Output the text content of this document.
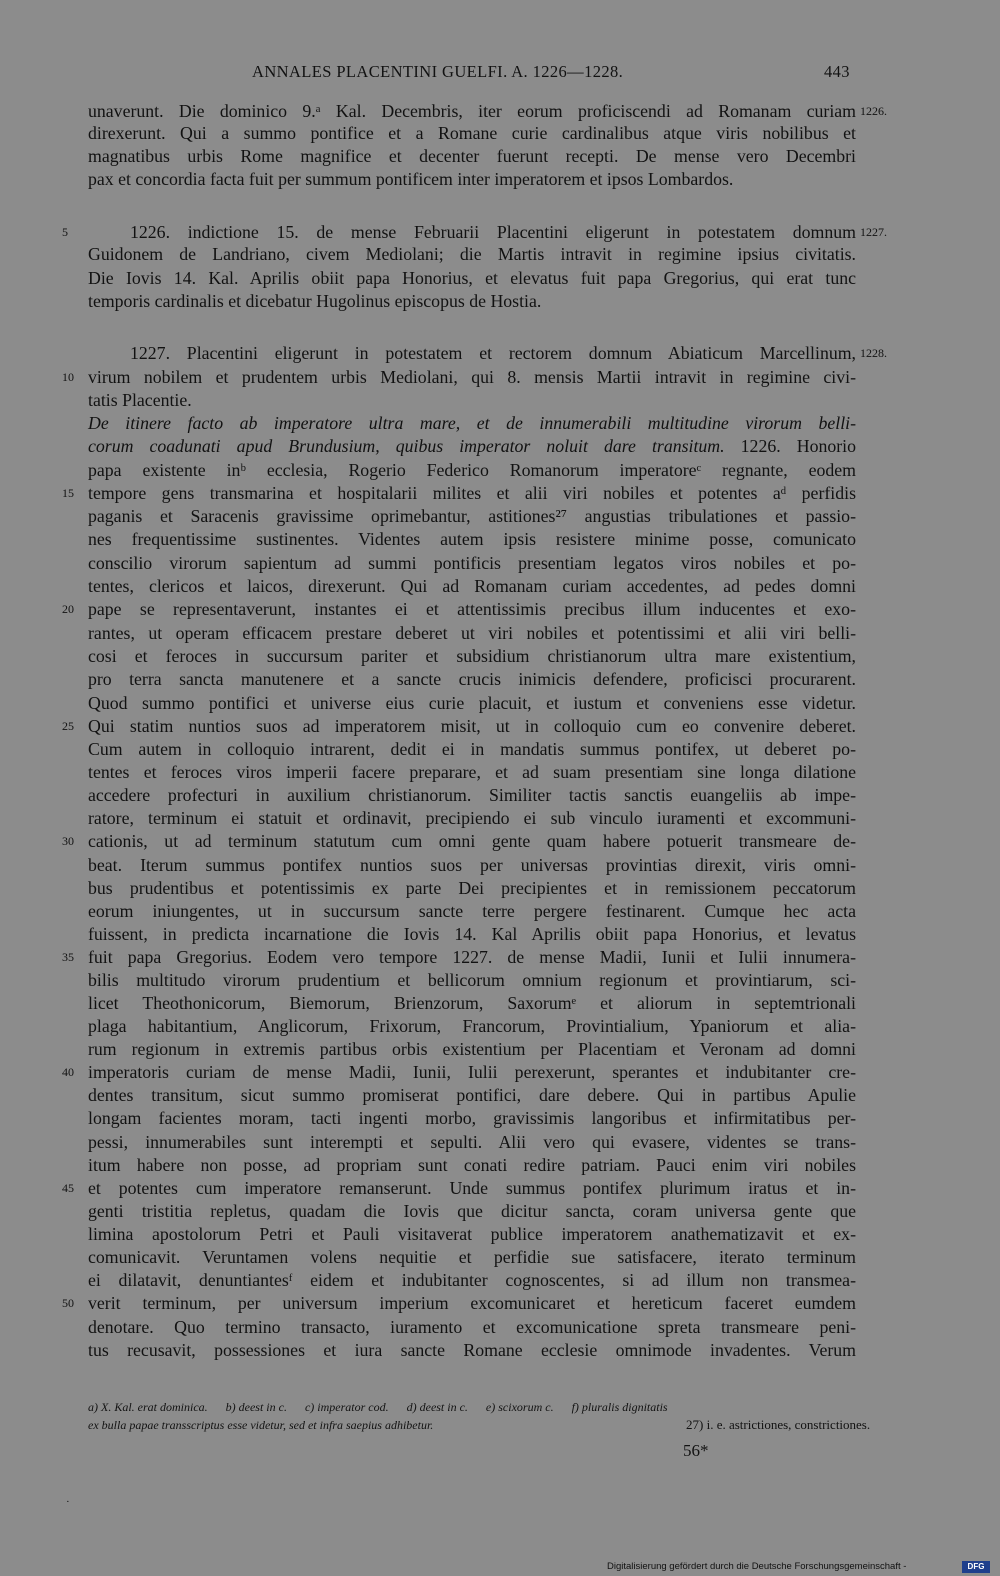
ANNALES PLACENTINI GUELFI. A. 1226—1228.	443
unaverunt. Die dominico 9.ᵃ Kal. Decembris, iter eorum proficiscendi ad Romanam curiam 1226.
direxerunt. Qui a summo pontifice et a Romane curie cardinalibus atque viris nobilibus et
magnatibus urbis Rome magnifice et decenter fuerunt recepti. De mense vero Decembri
pax et concordia facta fuit per summum pontificem inter imperatorem et ipsos Lombardos.
1226. indictione 15. de mense Februarii Placentini eligerunt in potestatem domnum
5	1227.
Guidonem de Landriano, civem Mediolani; die Martis intravit in regimine ipsius civitatis.
Die Iovis 14. Kal. Aprilis obiit papa Honorius, et elevatus fuit papa Gregorius, qui erat tunc
temporis cardinalis et dicebatur Hugolinus episcopus de Hostia.
1227. Placentini eligerunt in potestatem et rectorem domnum Abiaticum Marcellinum, 1228.
virum nobilem et prudentem urbis Mediolani, qui 8. mensis Martii intravit in regimine civi-
10
tatis Placentie.
De itinere facto ab imperatore ultra mare, et de innumerabili multitudine virorum belli-
corum coadunati apud Brundusium, quibus imperator noluit dare transitum. 1226. Honorio
papa existente inᵇ ecclesia, Rogerio Federico Romanorum imperatoreᶜ regnante, eodem
tempore gens transmarina et hospitalarii milites et alii viri nobiles et potentes aᵈ perfidis
15
paganis et Saracenis gravissime oprimebantur, astitiones²⁷ angustias tribulationes et passio-
nes frequentissime sustinentes. Videntes autem ipsis resistere minime posse, comunicato
conscilio virorum sapientum ad summi pontificis presentiam legatos viros nobiles et po-
tentes, clericos et laicos, direxerunt. Qui ad Romanam curiam accedentes, ad pedes domni
pape se representaverunt, instantes ei et attentissimis precibus illum inducentes et exo-
20
rantes, ut operam efficacem prestare deberet ut viri nobiles et potentissimi et alii viri belli-
cosi et feroces in succursum pariter et subsidium christianorum ultra mare existentium,
pro terra sancta manutenere et a sancte crucis inimicis defendere, proficisci procurarent.
Quod summo pontifici et universe eius curie placuit, et iustum et conveniens esse videtur.
Qui statim nuntios suos ad imperatorem misit, ut in colloquio cum eo convenire deberet.
25
Cum autem in colloquio intrarent, dedit ei in mandatis summus pontifex, ut deberet po-
tentes et feroces viros imperii facere preparare, et ad suam presentiam sine longa dilatione
accedere profecturi in auxilium christianorum. Similiter tactis sanctis euangeliis ab impe-
ratore, terminum ei statuit et ordinavit, precipiendo ei sub vinculo iuramenti et excommuni-
cationis, ut ad terminum statutum cum omni gente quam habere potuerit transmeare de-
30
beat. Iterum summus pontifex nuntios suos per universas provintias direxit, viris omni-
bus prudentibus et potentissimis ex parte Dei precipientes et in remissionem peccatorum
eorum iniungentes, ut in succursum sancte terre pergere festinarent. Cumque hec acta
fuissent, in predicta incarnatione die Iovis 14. Kal Aprilis obiit papa Honorius, et levatus
fuit papa Gregorius. Eodem vero tempore 1227. de mense Madii, Iunii et Iulii innumera-
35
bilis multitudo virorum prudentium et bellicorum omnium regionum et provintiarum, sci-
licet Theothonicorum, Biemorum, Brienzorum, Saxorumᵉ et aliorum in septemtrionali
plaga habitantium, Anglicorum, Frixorum, Francorum, Provintialium, Ypaniorum et alia-
rum regionum in extremis partibus orbis existentium per Placentiam et Veronam ad domni
imperatoris curiam de mense Madii, Iunii, Iulii perexerunt, sperantes et indubitanter cre-
40
dentes transitum, sicut summo promiserat pontifici, dare debere. Qui in partibus Apulie
longam facientes moram, tacti ingenti morbo, gravissimis langoribus et infirmitatibus per-
pessi, innumerabiles sunt interempti et sepulti. Alii vero qui evasere, videntes se trans-
itum habere non posse, ad propriam sunt conati redire patriam. Pauci enim viri nobiles
et potentes cum imperatore remanserunt. Unde summus pontifex plurimum iratus et in-
45
genti tristitia repletus, quadam die Iovis que dicitur sancta, coram universa gente que
limina apostolorum Petri et Pauli visitaverat publice imperatorem anathematizavit et ex-
comunicavit. Veruntamen volens nequitie et perfidie sue satisfacere, iterato terminum
ei dilatavit, denuntiantesᶠ eidem et indubitanter cognoscentes, si ad illum non transmea-
verit terminum, per universum imperium excomunicaret et hereticum faceret eumdem
50
denotare. Quo termino transacto, iuramento et excomunicatione spreta transmeare peni-
tus recusavit, possessiones et iura sancte Romane ecclesie omnimode invadentes. Verum
a) X. Kal. erat dominica.      b) deest in c.      c) imperator cod.      d) deest in c.      e) scixorum c.      f) pluralis dignitatis
ex bulla papae transscriptus esse videtur, sed et infra saepius adhibetur.	27) i. e. astrictiones, constrictiones.
56*
·
Digitalisierung gefördert durch die Deutsche Forschungsgemeinschaft -	DFG
